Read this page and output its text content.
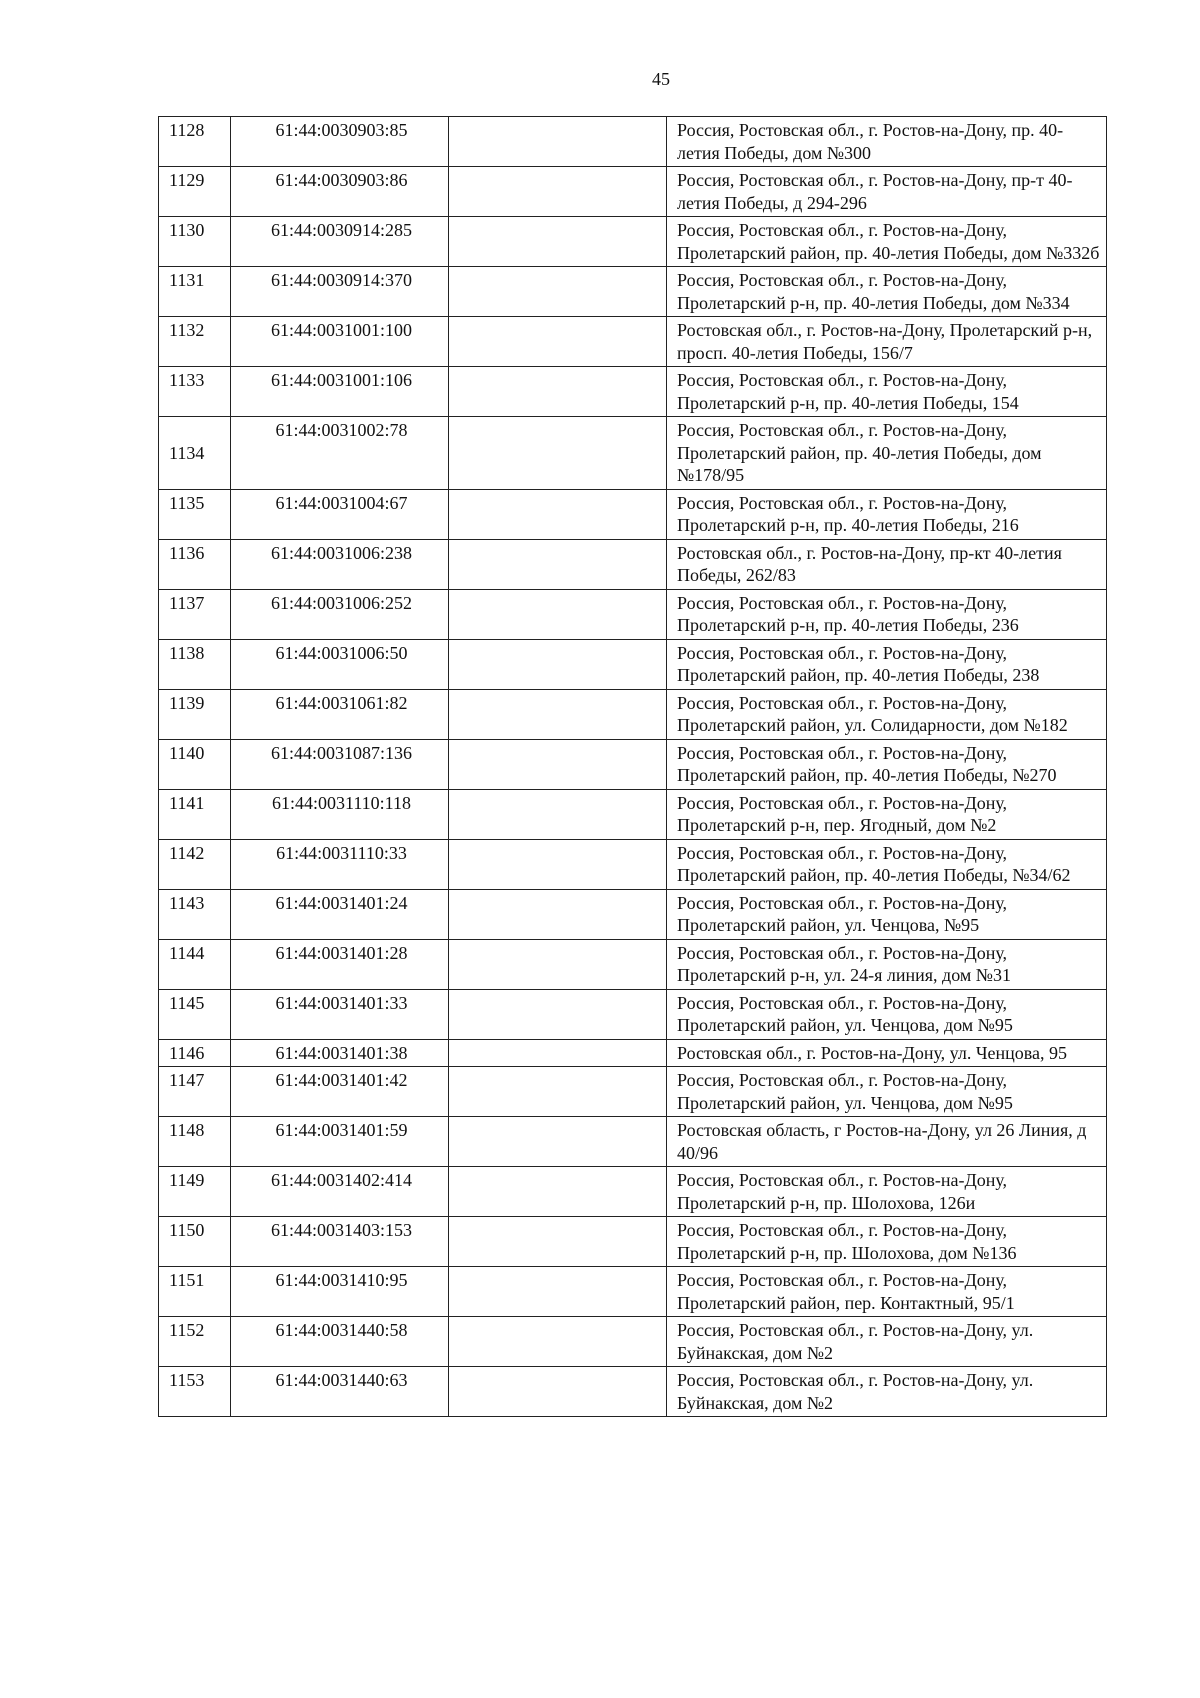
45
1128	61:44:0030903:85		Россия, Ростовская обл., г. Ростов-на-Дону, пр. 40-летия Победы, дом №300
1129	61:44:0030903:86		Россия, Ростовская обл., г. Ростов-на-Дону, пр-т 40-летия Победы, д 294-296
1130	61:44:0030914:285		Россия, Ростовская обл., г. Ростов-на-Дону, Пролетарский район, пр. 40-летия Победы, дом №332б
1131	61:44:0030914:370		Россия, Ростовская обл., г. Ростов-на-Дону, Пролетарский р-н, пр. 40-летия Победы, дом №334
1132	61:44:0031001:100		Ростовская обл., г. Ростов-на-Дону, Пролетарский р-н, просп. 40-летия Победы, 156/7
1133	61:44:0031001:106		Россия, Ростовская обл., г. Ростов-на-Дону, Пролетарский р-н, пр. 40-летия Победы, 154
1134	61:44:0031002:78		Россия, Ростовская обл., г. Ростов-на-Дону, Пролетарский район, пр. 40-летия Победы, дом №178/95
1135	61:44:0031004:67		Россия, Ростовская обл., г. Ростов-на-Дону, Пролетарский р-н, пр. 40-летия Победы, 216
1136	61:44:0031006:238		Ростовская обл., г. Ростов-на-Дону, пр-кт 40-летия Победы, 262/83
1137	61:44:0031006:252		Россия, Ростовская обл., г. Ростов-на-Дону, Пролетарский р-н, пр. 40-летия Победы, 236
1138	61:44:0031006:50		Россия, Ростовская обл., г. Ростов-на-Дону, Пролетарский район, пр. 40-летия Победы, 238
1139	61:44:0031061:82		Россия, Ростовская обл., г. Ростов-на-Дону, Пролетарский район, ул. Солидарности, дом №182
1140	61:44:0031087:136		Россия, Ростовская обл., г. Ростов-на-Дону, Пролетарский район, пр. 40-летия Победы, №270
1141	61:44:0031110:118		Россия, Ростовская обл., г. Ростов-на-Дону, Пролетарский р-н, пер. Ягодный, дом №2
1142	61:44:0031110:33		Россия, Ростовская обл., г. Ростов-на-Дону, Пролетарский район, пр. 40-летия Победы, №34/62
1143	61:44:0031401:24		Россия, Ростовская обл., г. Ростов-на-Дону, Пролетарский район, ул. Ченцова, №95
1144	61:44:0031401:28		Россия, Ростовская обл., г. Ростов-на-Дону, Пролетарский р-н, ул. 24-я линия, дом №31
1145	61:44:0031401:33		Россия, Ростовская обл., г. Ростов-на-Дону, Пролетарский район, ул. Ченцова, дом №95
1146	61:44:0031401:38		Ростовская обл., г. Ростов-на-Дону, ул. Ченцова, 95
1147	61:44:0031401:42		Россия, Ростовская обл., г. Ростов-на-Дону, Пролетарский район, ул. Ченцова, дом №95
1148	61:44:0031401:59		Ростовская область, г Ростов-на-Дону, ул 26 Линия, д 40/96
1149	61:44:0031402:414		Россия, Ростовская обл., г. Ростов-на-Дону, Пролетарский р-н, пр. Шолохова, 126и
1150	61:44:0031403:153		Россия, Ростовская обл., г. Ростов-на-Дону, Пролетарский р-н, пр. Шолохова, дом №136
1151	61:44:0031410:95		Россия, Ростовская обл., г. Ростов-на-Дону, Пролетарский район, пер. Контактный, 95/1
1152	61:44:0031440:58		Россия, Ростовская обл., г. Ростов-на-Дону, ул. Буйнакская, дом №2
1153	61:44:0031440:63		Россия, Ростовская обл., г. Ростов-на-Дону, ул. Буйнакская, дом №2
